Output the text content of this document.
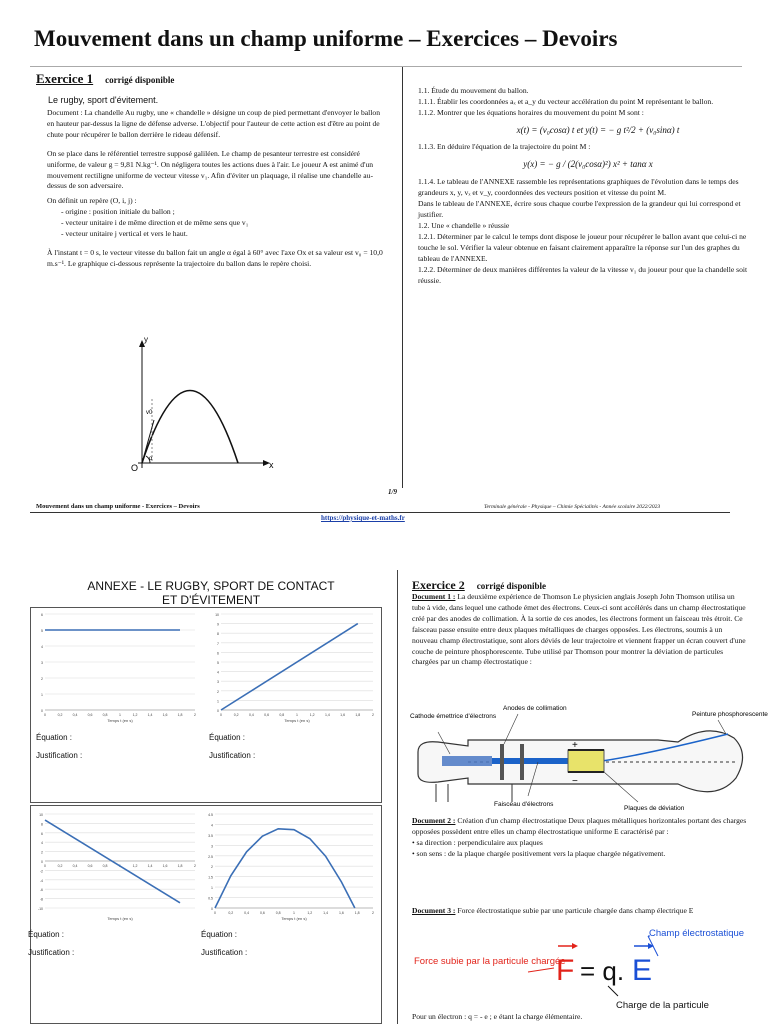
Mouvement dans un champ uniforme – Exercices – Devoirs
Exercice 1 corrigé disponible
Le rugby, sport d'évitement.

Document : La chandelle Au rugby, une « chandelle » désigne un coup de pied permettant d'envoyer le ballon en hauteur par-dessus la ligne de défense adverse. L'objectif pour l'auteur de cette action est d'être au point de chute pour récupérer le ballon derrière le rideau défensif.

On se place dans le référentiel terrestre supposé galiléen. Le champ de pesanteur terrestre est considéré uniforme, de valeur g = 9,81 N.kg⁻¹. On négligera toutes les actions dues à l'air. Le joueur A est animé d'un mouvement rectiligne uniforme de vecteur vitesse v₁. Afin d'éviter un plaquage, il réalise une chandelle au-dessus de son adversaire.

On définit un repère (O, i, j) :

- origine : position initiale du ballon ;

- vecteur unitaire i de même direction et de même sens que v₁

- vecteur unitaire j vertical et vers le haut.

À l'instant t = 0 s, le vecteur vitesse du ballon fait un angle α égal à 60° avec l'axe Ox et sa valeur est v₀ = 10,0 m.s⁻¹. Le graphique ci-dessous représente la trajectoire du ballon dans le repère choisi.

y
x
O
v0
α

1.1. Étude du mouvement du ballon.

1.1.1. Établir les coordonnées aₓ et a_y du vecteur accélération du point M représentant le ballon.

1.1.2. Montrer que les équations horaires du mouvement du point M sont :

x(t) = (v₀cosα) t et y(t) = − g t²/2 + (v₀sinα) t

1.1.3. En déduire l'équation de la trajectoire du point M :

y(x) = − g / (2(v₀cosα)²) x² + tanα x

1.1.4. Le tableau de l'ANNEXE rassemble les représentations graphiques de l'évolution dans le temps des grandeurs x, y, vₓ et v_y, coordonnées des vecteurs position et vitesse du point M.

Dans le tableau de l'ANNEXE, écrire sous chaque courbe l'expression de la grandeur qui lui correspond et justifier.

1.2. Une « chandelle » réussie

1.2.1. Déterminer par le calcul le temps dont dispose le joueur pour récupérer le ballon avant que celui-ci ne touche le sol. Vérifier la valeur obtenue en faisant clairement apparaître la réponse sur l'un des graphes du tableau de l'ANNEXE.

1.2.2. Déterminer de deux manières différentes la valeur de la vitesse v₁ du joueur pour que la chandelle soit réussie.

1/9
Mouvement dans un champ uniforme - Exercices – Devoirs	Terminale générale - Physique – Chimie Spécialités - Année scolaire 2022/2023
https://physique-et-maths.fr
ANNEXE - LE RUGBY, SPORT DE CONTACT ET D'ÉVITEMENT
0
1
2
3
4
5
6
0	0,2	0,4	0,6	0,8	1	1,2	1,4	1,6	1,8	2
Temps t (en s)
0
1
2
3
4
5
6
7
8
9
10
0	0,2	0,4	0,6	0,8	1	1,2	1,4	1,6	1,8	2
Temps t (en s)
-10
-8
-6
-4
-2
0
2
4
6
8
10
0	0,2	0,4	0,6	0,8	1	1,2	1,4	1,6	1,8	2
Temps t (en s)
0
0.5
1
1.5
2
2.5
3
3.5
4
4.5
0	0,2	0,4	0,6	0,8	1	1,2	1,4	1,6	1,8	2
Temps t (en s)
Équation :
Justification :
Équation :
Justification :
Équation :
Justification :
Équation :
Justification :
Exercice 2 corrigé disponible

Document 1 : La deuxième expérience de Thomson Le physicien anglais Joseph John Thomson utilisa un tube à vide, dans lequel une cathode émet des électrons. Ceux-ci sont accélérés dans un champ électrostatique créé par des anodes de collimation. À la sortie de ces anodes, les électrons forment un faisceau très étroit. Ce faisceau passe ensuite entre deux plaques métalliques de charges opposées. Les électrons, soumis à un nouveau champ électrostatique, sont alors déviés de leur trajectoire et viennent frapper un écran couvert d'une couche de peinture phosphorescente. Tube utilisé par Thomson pour montrer la déviation de particules chargées par un champ électrostatique :

+
−
Cathode émettrice d'électrons
Anodes de collimation
Peinture phosphorescente
Faisceau d'électrons
Plaques de déviation

Document 2 : Création d'un champ électrostatique Deux plaques métalliques horizontales portant des charges opposées possèdent entre elles un champ électrostatique uniforme E caractérisé par :

• sa direction : perpendiculaire aux plaques

• son sens : de la plaque chargée positivement vers la plaque chargée négativement.

Document 3 : Force électrostatique subie par une particule chargée dans champ électrique E

F = q. E
Champ électrostatique
Force subie par la particule chargée
Charge de la particule
Pour un électron : q = - e ; e étant la charge élémentaire.
